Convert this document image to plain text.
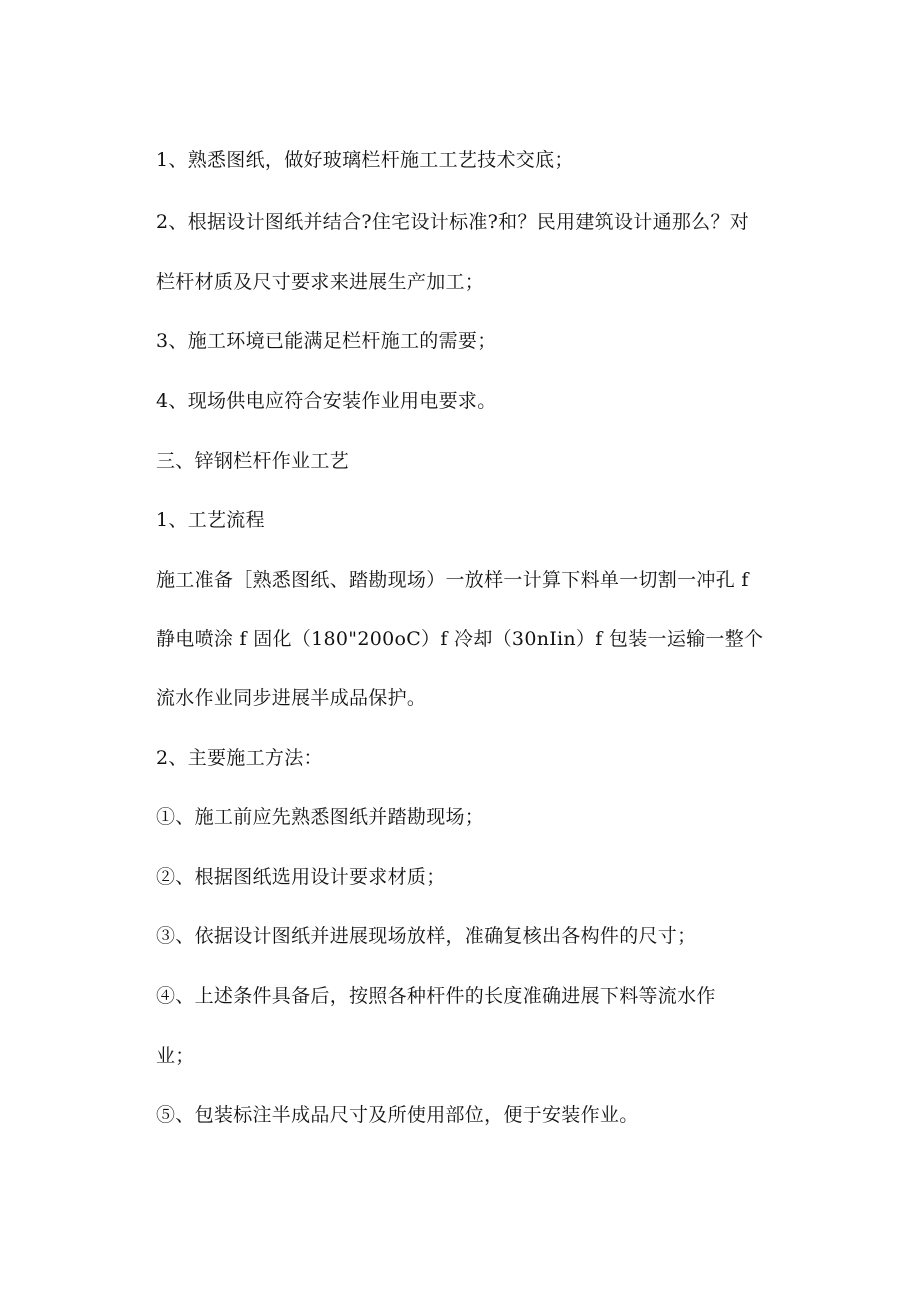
1、熟悉图纸，做好玻璃栏杆施工工艺技术交底；
2、根据设计图纸并结合?住宅设计标准?和？民用建筑设计通那么？对
栏杆材质及尺寸要求来进展生产加工；
3、施工环境已能满足栏杆施工的需要；
4、现场供电应符合安装作业用电要求。
三、锌钢栏杆作业工艺
1、工艺流程
施工准备［熟悉图纸、踏勘现场）一放样一计算下料单一切割一冲孔 f
静电喷涂 f 固化（180"200oC）f 冷却（30nIin）f 包装一运输一整个
流水作业同步进展半成品保护。
2、主要施工方法：
①、施工前应先熟悉图纸并踏勘现场；
②、根据图纸选用设计要求材质；
③、依据设计图纸并进展现场放样，准确复核出各构件的尺寸；
④、上述条件具备后，按照各种杆件的长度准确进展下料等流水作
业；
⑤、包装标注半成品尺寸及所使用部位，便于安装作业。
